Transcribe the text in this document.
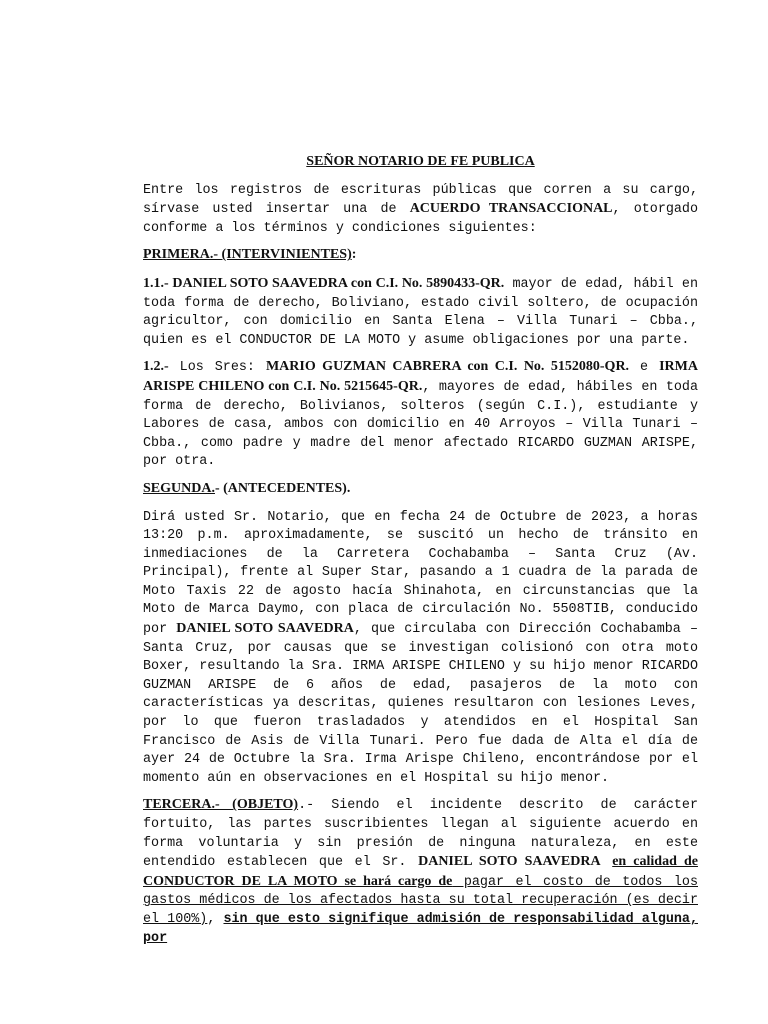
SEÑOR NOTARIO DE FE PUBLICA

Entre los registros de escrituras públicas que corren a su cargo, sírvase usted insertar una de ACUERDO TRANSACCIONAL, otorgado conforme a los términos y condiciones siguientes:

PRIMERA.- (INTERVINIENTES):

1.1.- DANIEL SOTO SAAVEDRA con C.I. No. 5890433-QR. mayor de edad, hábil en toda forma de derecho, Boliviano, estado civil soltero, de ocupación agricultor, con domicilio en Santa Elena – Villa Tunari – Cbba., quien es el CONDUCTOR DE LA MOTO y asume obligaciones por una parte.

1.2.- Los Sres: MARIO GUZMAN CABRERA con C.I. No. 5152080-QR. e IRMA ARISPE CHILENO con C.I. No. 5215645-QR., mayores de edad, hábiles en toda forma de derecho, Bolivianos, solteros (según C.I.), estudiante y Labores de casa, ambos con domicilio en 40 Arroyos – Villa Tunari – Cbba., como padre y madre del menor afectado RICARDO GUZMAN ARISPE, por otra.

SEGUNDA.- (ANTECEDENTES).

Dirá usted Sr. Notario, que en fecha 24 de Octubre de 2023, a horas 13:20 p.m. aproximadamente, se suscitó un hecho de tránsito en inmediaciones de la Carretera Cochabamba – Santa Cruz (Av. Principal), frente al Super Star, pasando a 1 cuadra de la parada de Moto Taxis 22 de agosto hacía Shinahota, en circunstancias que la Moto de Marca Daymo, con placa de circulación No. 5508TIB, conducido por DANIEL SOTO SAAVEDRA, que circulaba con Dirección Cochabamba – Santa Cruz, por causas que se investigan colisionó con otra moto Boxer, resultando la Sra. IRMA ARISPE CHILENO y su hijo menor RICARDO GUZMAN ARISPE de 6 años de edad, pasajeros de la moto con características ya descritas, quienes resultaron con lesiones Leves, por lo que fueron trasladados y atendidos en el Hospital San Francisco de Asis de Villa Tunari. Pero fue dada de Alta el día de ayer 24 de Octubre la Sra. Irma Arispe Chileno, encontrándose por el momento aún en observaciones en el Hospital su hijo menor.

TERCERA.- (OBJETO).- Siendo el incidente descrito de carácter fortuito, las partes suscribientes llegan al siguiente acuerdo en forma voluntaria y sin presión de ninguna naturaleza, en este entendido establecen que el Sr. DANIEL SOTO SAAVEDRA en calidad de CONDUCTOR DE LA MOTO se hará cargo de pagar el costo de todos los gastos médicos de los afectados hasta su total recuperación (es decir el 100%), sin que esto signifique admisión de responsabilidad alguna, por
